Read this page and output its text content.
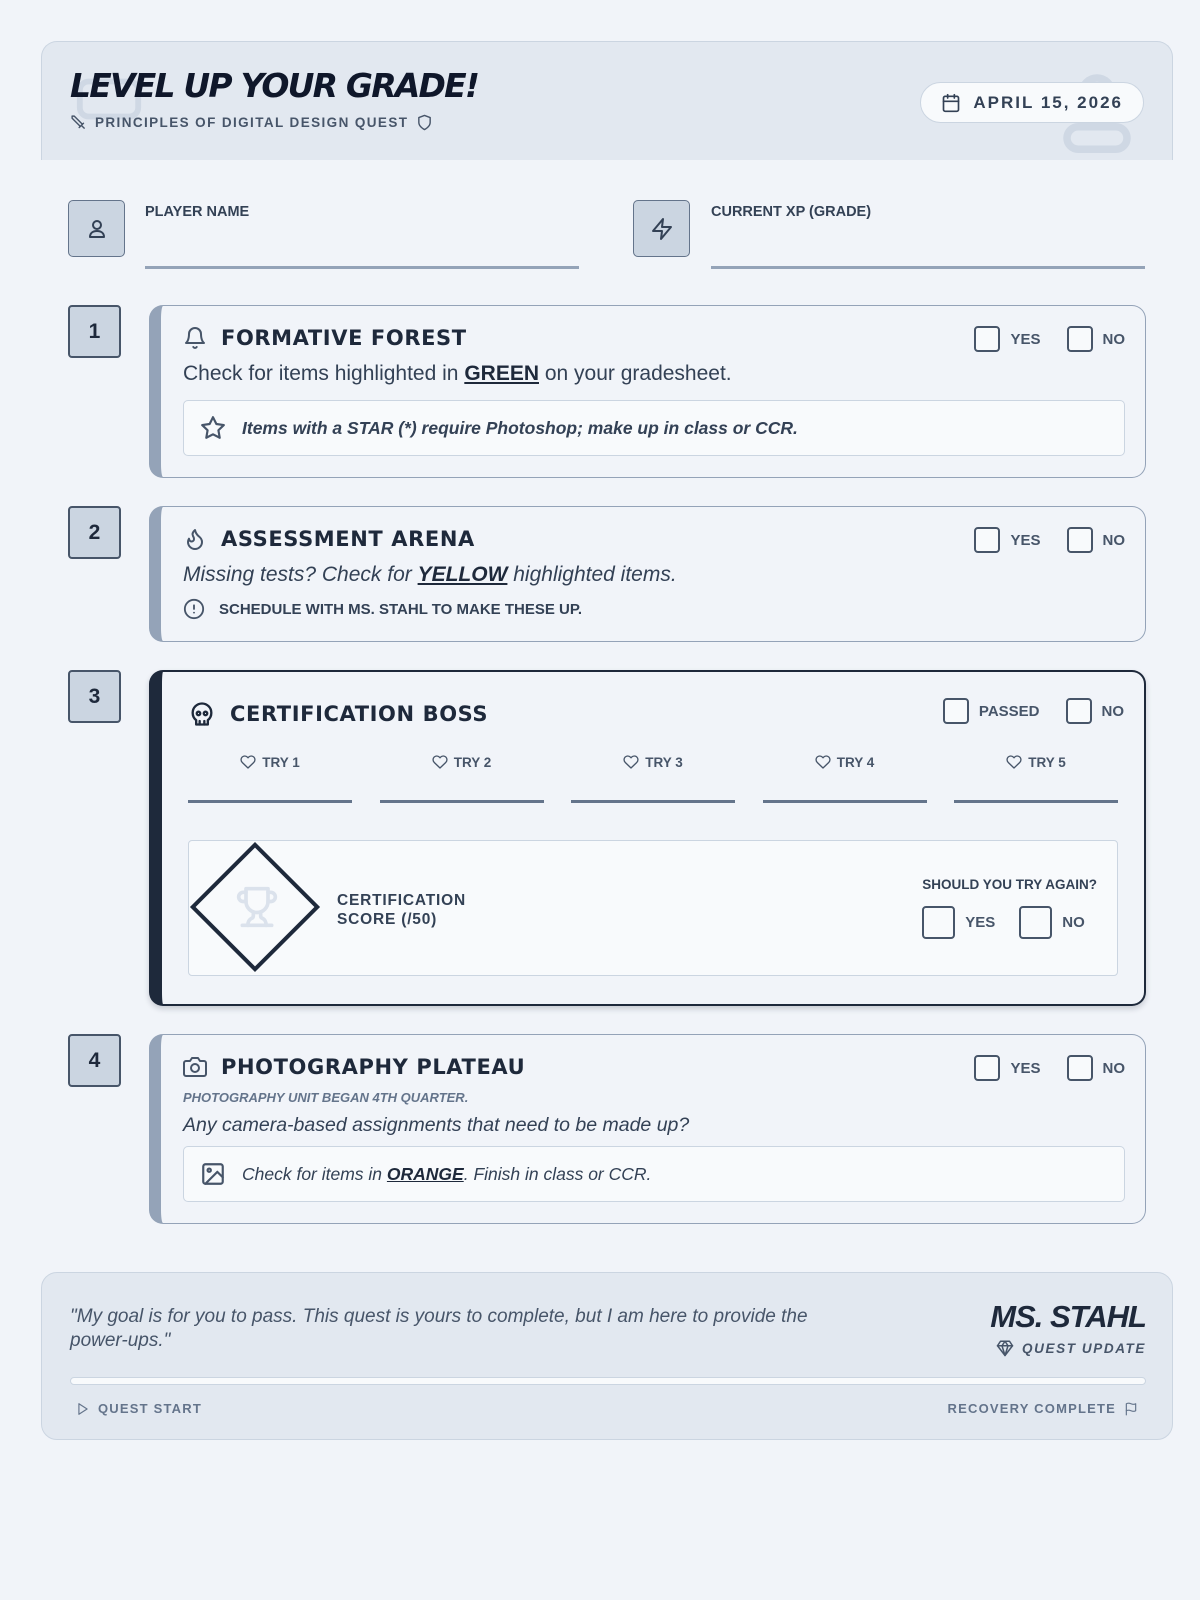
LEVEL UP YOUR GRADE!
PRINCIPLES OF DIGITAL DESIGN QUEST
APRIL 15, 2026
PLAYER NAME	CURRENT XP (GRADE)
1	FORMATIVE FOREST	YES	NO
Check for items highlighted in GREEN on your gradesheet.
Items with a STAR (*) require Photoshop; make up in class or CCR.
2	ASSESSMENT ARENA	YES	NO
Missing tests? Check for YELLOW highlighted items.
SCHEDULE WITH MS. STAHL TO MAKE THESE UP.
3
CERTIFICATION BOSS	PASSED	NO
TRY 1	TRY 2	TRY 3	TRY 4	TRY 5
CERTIFICATION
SCORE (/50)
SHOULD YOU TRY AGAIN?
YES	NO
4	PHOTOGRAPHY PLATEAU	YES	NO
PHOTOGRAPHY UNIT BEGAN 4TH QUARTER.
Any camera-based assignments that need to be made up?
Check for items in ORANGE. Finish in class or CCR.
"My goal is for you to pass. This quest is yours to complete, but I am here to provide the power-ups."
MS. STAHL
QUEST UPDATE
QUEST START	RECOVERY COMPLETE
